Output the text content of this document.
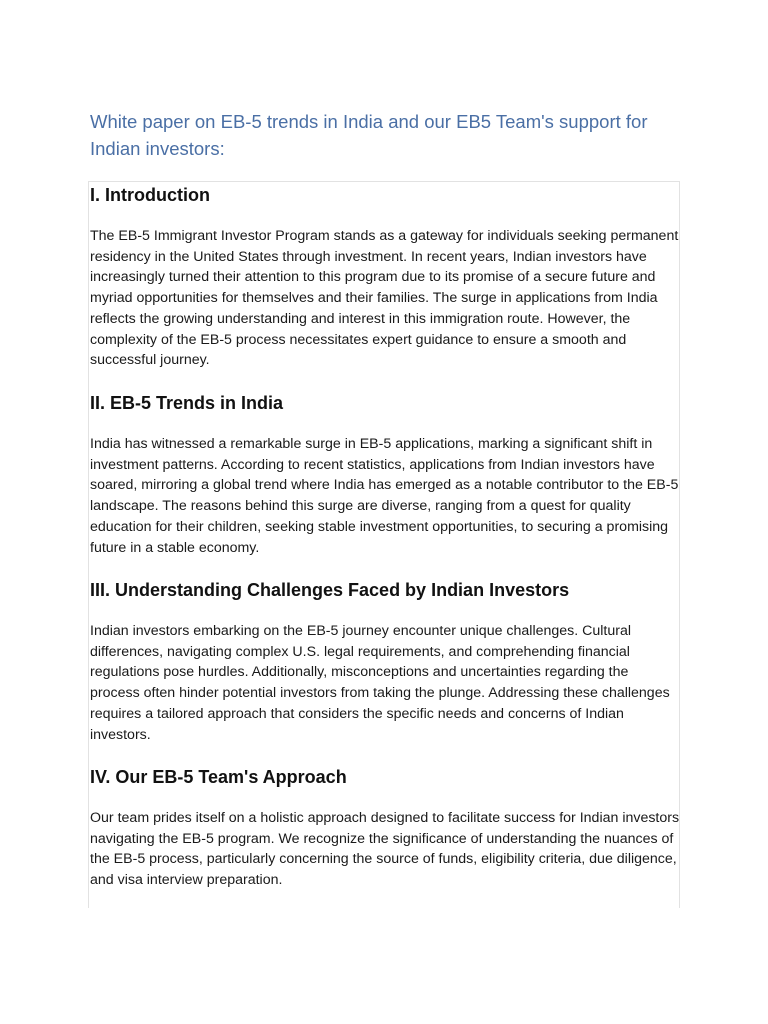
White paper on EB-5 trends in India and our EB5 Team's support for Indian investors:
I. Introduction

The EB-5 Immigrant Investor Program stands as a gateway for individuals seeking permanent residency in the United States through investment. In recent years, Indian investors have increasingly turned their attention to this program due to its promise of a secure future and myriad opportunities for themselves and their families. The surge in applications from India reflects the growing understanding and interest in this immigration route. However, the complexity of the EB-5 process necessitates expert guidance to ensure a smooth and successful journey.

II. EB-5 Trends in India

India has witnessed a remarkable surge in EB-5 applications, marking a significant shift in investment patterns. According to recent statistics, applications from Indian investors have soared, mirroring a global trend where India has emerged as a notable contributor to the EB-5 landscape. The reasons behind this surge are diverse, ranging from a quest for quality education for their children, seeking stable investment opportunities, to securing a promising future in a stable economy.

III. Understanding Challenges Faced by Indian Investors

Indian investors embarking on the EB-5 journey encounter unique challenges. Cultural differences, navigating complex U.S. legal requirements, and comprehending financial regulations pose hurdles. Additionally, misconceptions and uncertainties regarding the process often hinder potential investors from taking the plunge. Addressing these challenges requires a tailored approach that considers the specific needs and concerns of Indian investors.

IV. Our EB-5 Team's Approach

Our team prides itself on a holistic approach designed to facilitate success for Indian investors navigating the EB-5 program. We recognize the significance of understanding the nuances of the EB-5 process, particularly concerning the source of funds, eligibility criteria, due diligence, and visa interview preparation.
